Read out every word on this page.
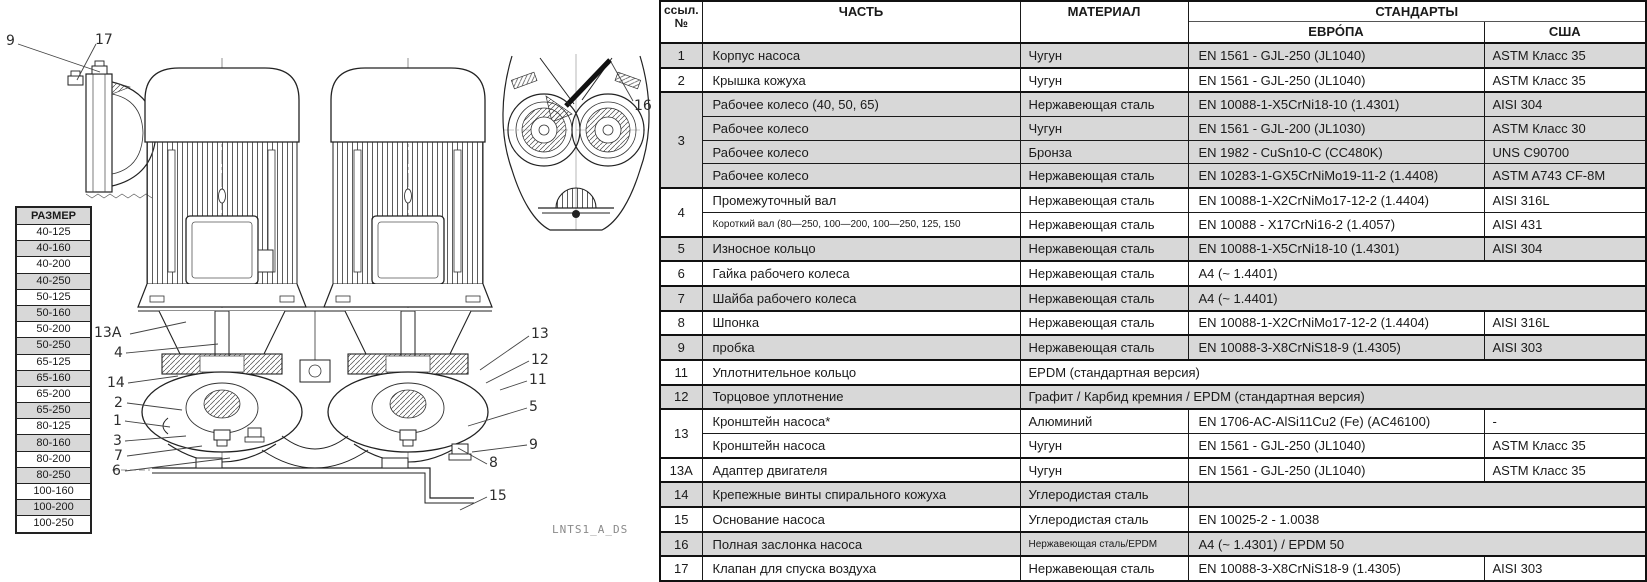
9	17
13A
4
14
2
1
3
7
6
13
12
11
5
9
8
15
16
LNTS1_A_DS
РАЗМЕР
40-125
40-160
40-200
40-250
50-125
50-160
50-200
50-250
65-125
65-160
65-200
65-250
80-125
80-160
80-200
80-250
100-160
100-200
100-250
ссыл.
№	ЧАСТЬ	МАТЕРИАЛ	СТАНДАРТЫ	
			ЕВРО́ПА	США
1	Корпус насоса	Чугун	EN 1561 - GJL-250 (JL1040)	ASTM Класс 35
2	Крышка кожуха	Чугун	EN 1561 - GJL-250 (JL1040)	ASTM Класс 35
3	Рабочее колесо (40, 50, 65)	Нержавеющая сталь	EN 10088-1-X5CrNi18-10 (1.4301)	AISI 304
	Рабочее колесо	Чугун	EN 1561 - GJL-200 (JL1030)	ASTM Класс 30
	Рабочее колесо	Бронза	EN 1982 - CuSn10-C (CC480K)	UNS C90700
	Рабочее колесо	Нержавеющая сталь	EN 10283-1-GX5CrNiMo19-11-2 (1.4408)	ASTM A743 CF-8M
4	Промежуточный вал	Нержавеющая сталь	EN 10088-1-X2CrNiMo17-12-2 (1.4404)	AISI 316L
	Короткий вал (80—250, 100—200, 100—250, 125, 150	Нержавеющая сталь	EN 10088 - X17CrNi16-2 (1.4057)	AISI 431
5	Износное кольцо	Нержавеющая сталь	EN 10088-1-X5CrNi18-10 (1.4301)	AISI 304
6	Гайка рабочего колеса	Нержавеющая сталь	A4 (~ 1.4401)	
7	Шайба рабочего колеса	Нержавеющая сталь	A4 (~ 1.4401)	
8	Шпонка	Нержавеющая сталь	EN 10088-1-X2CrNiMo17-12-2 (1.4404)	AISI 316L
9	пробка	Нержавеющая сталь	EN 10088-3-X8CrNiS18-9 (1.4305)	AISI 303
11	Уплотнительное кольцо	EPDM (стандартная версия)		
12	Торцовое уплотнение	Графит / Карбид кремния / EPDM (стандартная версия)		
13	Кронштейн насоса*	Алюминий	EN 1706-AC-AlSi11Cu2 (Fe) (AC46100)	-
	Кронштейн насоса	Чугун	EN 1561 - GJL-250 (JL1040)	ASTM Класс 35
13A	Адаптер двигателя	Чугун	EN 1561 - GJL-250 (JL1040)	ASTM Класс 35
14	Крепежные винты спирального кожуха	Углеродистая сталь		
15	Основание насоса	Углеродистая сталь	EN 10025-2 - 1.0038	
16	Полная заслонка насоса	Нержавеющая сталь/EPDM	A4 (~ 1.4301) / EPDM 50	
17	Клапан для спуска воздуха	Нержавеющая сталь	EN 10088-3-X8CrNiS18-9 (1.4305)	AISI 303
